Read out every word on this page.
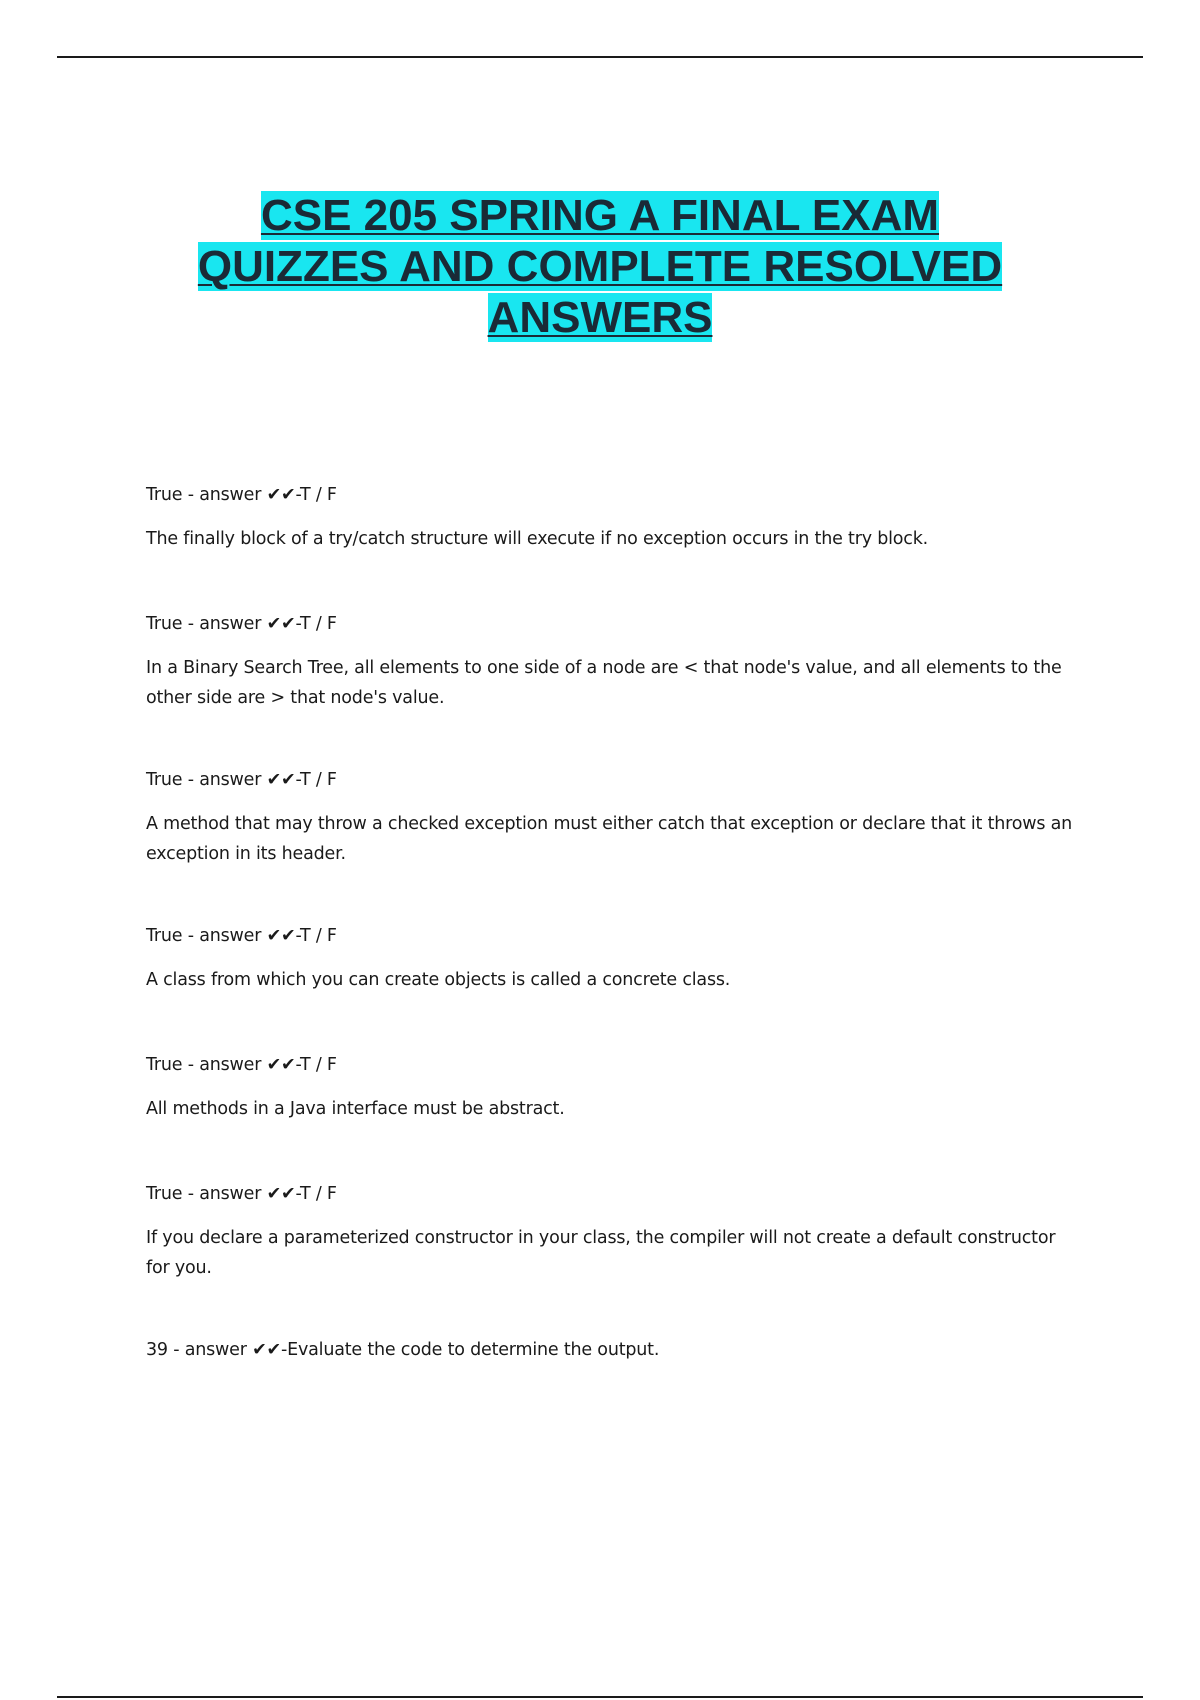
CSE 205 SPRING A FINAL EXAM
QUIZZES AND COMPLETE RESOLVED
ANSWERS

True - answer ✔✔-T / F

The finally block of a try/catch structure will execute if no exception occurs in the try block.

True - answer ✔✔-T / F

In a Binary Search Tree, all elements to one side of a node are < that node's value, and all elements to the other side are > that node's value.

True - answer ✔✔-T / F

A method that may throw a checked exception must either catch that exception or declare that it throws an exception in its header.

True - answer ✔✔-T / F

A class from which you can create objects is called a concrete class.

True - answer ✔✔-T / F

All methods in a Java interface must be abstract.

True - answer ✔✔-T / F

If you declare a parameterized constructor in your class, the compiler will not create a default constructor for you.

39 - answer ✔✔-Evaluate the code to determine the output.
